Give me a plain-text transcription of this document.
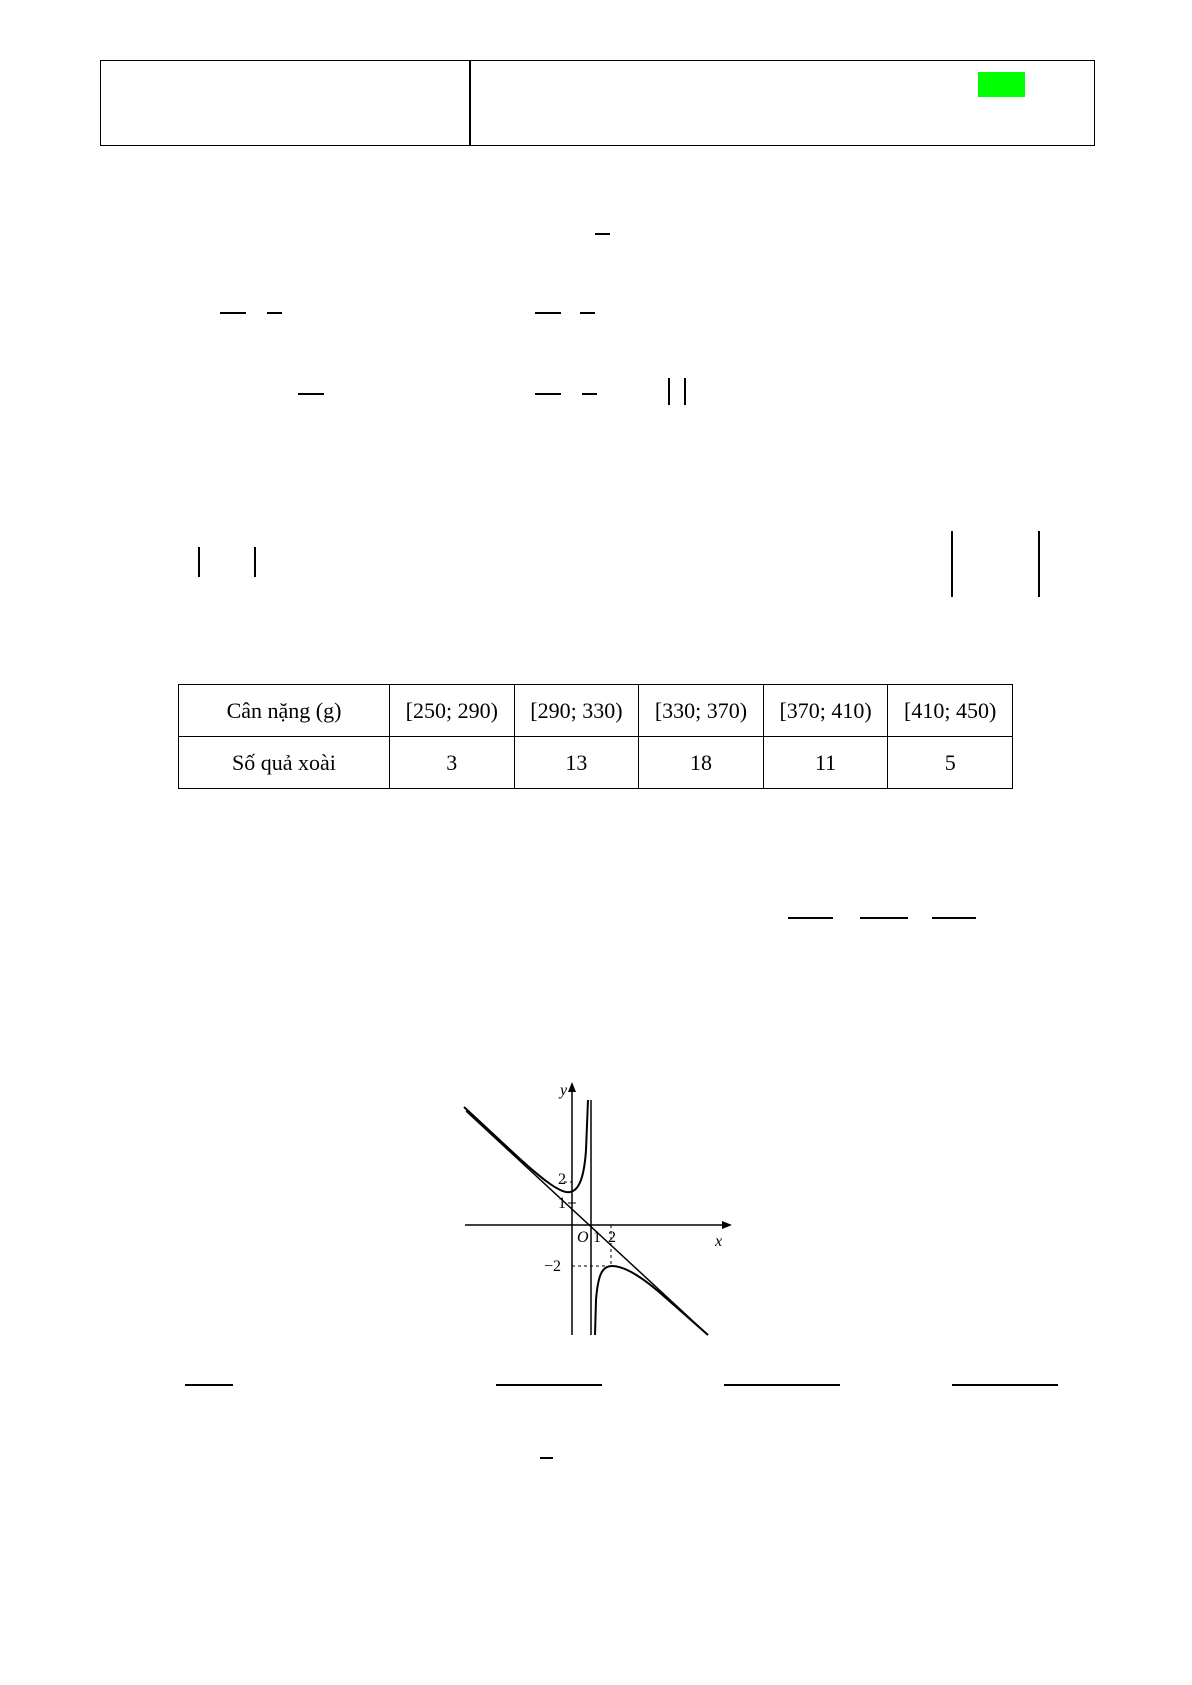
Cân nặng (g)	[250; 290)	[290; 330)	[330; 370)	[370; 410)	[410; 450)
Số quả xoài	3	13	18	11	5
y
x
O 1 2
1
2
−2
